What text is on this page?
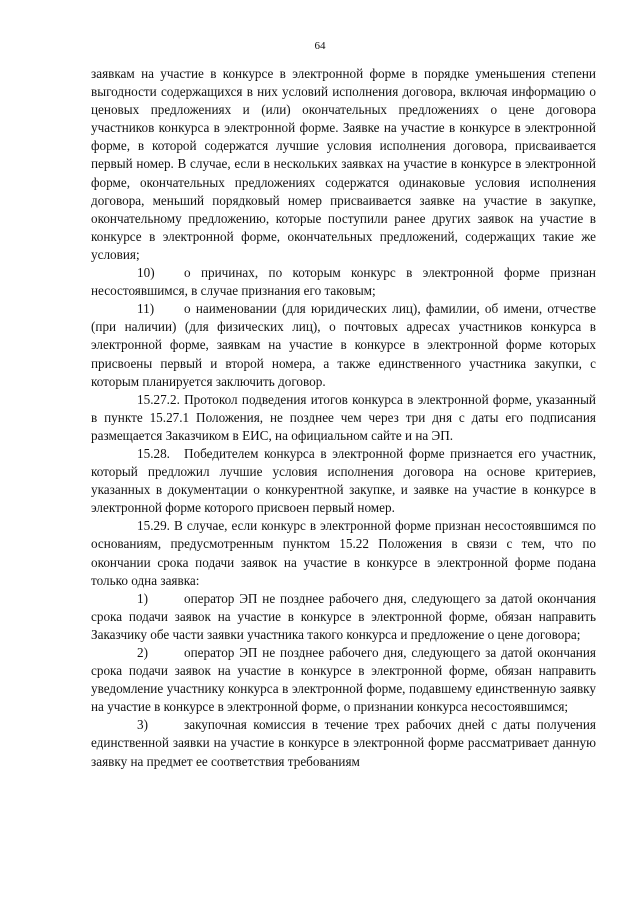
64

заявкам на участие в конкурсе в электронной форме в порядке уменьшения степени выгодности содержащихся в них условий исполнения договора, включая информацию о ценовых предложениях и (или) окончательных предложениях о цене договора участников конкурса в электронной форме. Заявке на участие в конкурсе в электронной форме, в которой содержатся лучшие условия исполнения договора, присваивается первый номер. В случае, если в нескольких заявках на участие в конкурсе в электронной форме, окончательных предложениях содержатся одинаковые условия исполнения договора, меньший порядковый номер присваивается заявке на участие в закупке, окончательному предложению, которые поступили ранее других заявок на участие в конкурсе в электронной форме, окончательных предложений, содержащих такие же условия;

10) о причинах, по которым конкурс в электронной форме признан несостоявшимся, в случае признания его таковым;

11) о наименовании (для юридических лиц), фамилии, об имени, отчестве (при наличии) (для физических лиц), о почтовых адресах участников конкурса в электронной форме, заявкам на участие в конкурсе в электронной форме которых присвоены первый и второй номера, а также единственного участника закупки, с которым планируется заключить договор.

15.27.2. Протокол подведения итогов конкурса в электронной форме, указанный в пункте 15.27.1 Положения, не позднее чем через три дня с даты его подписания размещается Заказчиком в ЕИС, на официальном сайте и на ЭП.

15.28. Победителем конкурса в электронной форме признается его участник, который предложил лучшие условия исполнения договора на основе критериев, указанных в документации о конкурентной закупке, и заявке на участие в конкурсе в электронной форме которого присвоен первый номер.

15.29. В случае, если конкурс в электронной форме признан несостоявшимся по основаниям, предусмотренным пунктом 15.22 Положения в связи с тем, что по окончании срока подачи заявок на участие в конкурсе в электронной форме подана только одна заявка:

1)	оператор ЭП не позднее рабочего дня, следующего за датой окончания срока подачи заявок на участие в конкурсе в электронной форме, обязан направить Заказчику обе части заявки участника такого конкурса и предложение о цене договора;

2)	оператор ЭП не позднее рабочего дня, следующего за датой окончания срока подачи заявок на участие в конкурсе в электронной форме, обязан направить уведомление участнику конкурса в электронной форме, подавшему единственную заявку на участие в конкурсе в электронной форме, о признании конкурса несостоявшимся;

3)	закупочная комиссия в течение трех рабочих дней с даты получения единственной заявки на участие в конкурсе в электронной форме рассматривает данную заявку на предмет ее соответствия требованиям
